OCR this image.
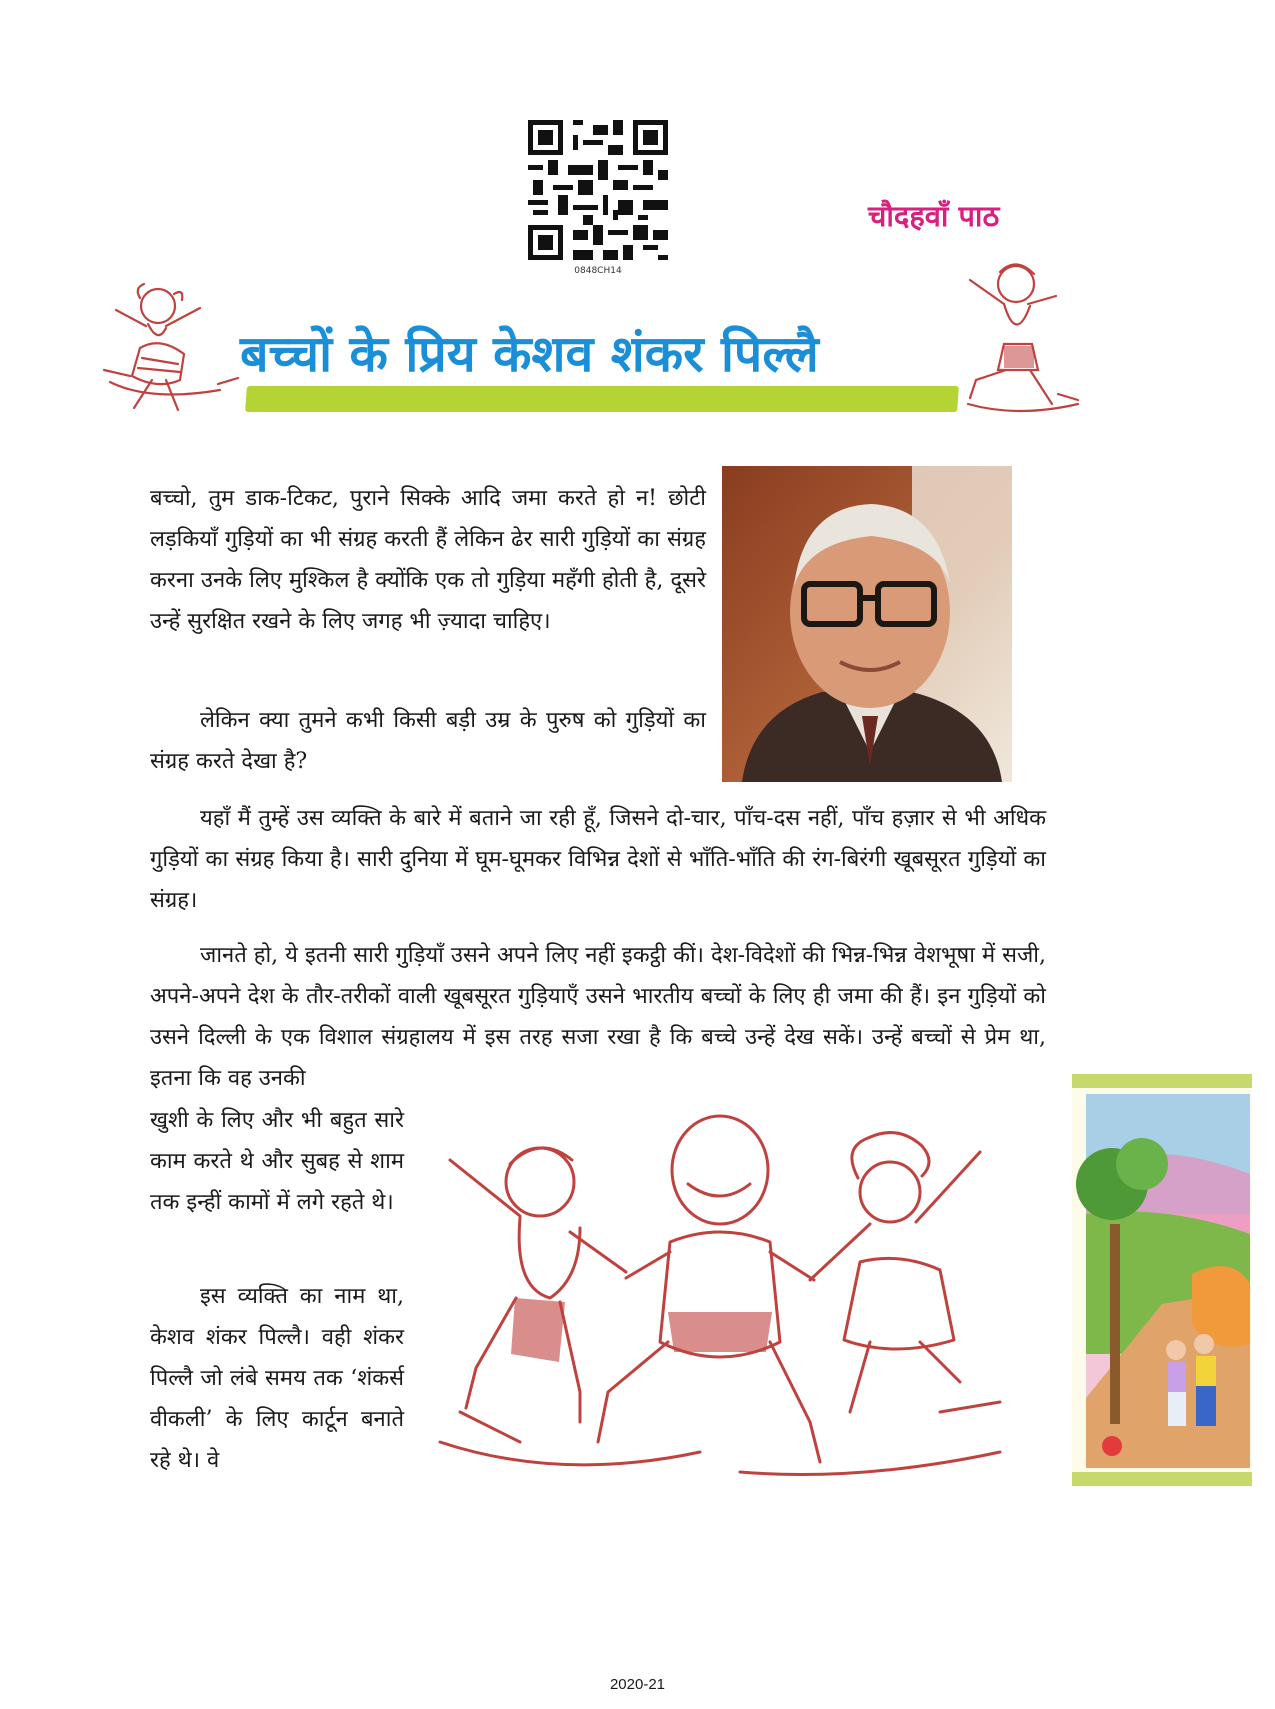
0848CH14
चौदहवाँ पाठ
बच्चों के प्रिय केशव शंकर पिल्लै

बच्चो, तुम डाक-टिकट, पुराने सिक्के आदि जमा करते हो न! छोटी लड़कियाँ गुड़ियों का भी संग्रह करती हैं लेकिन ढेर सारी गुड़ियों का संग्रह करना उनके लिए मुश्किल है क्योंकि एक तो गुड़िया महँगी होती है, दूसरे उन्हें सुरक्षित रखने के लिए जगह भी ज़्यादा चाहिए।

लेकिन क्या तुमने कभी किसी बड़ी उम्र के पुरुष को गुड़ियों का संग्रह करते देखा है?

यहाँ मैं तुम्हें उस व्यक्ति के बारे में बताने जा रही हूँ, जिसने दो-चार, पाँच-दस नहीं, पाँच हज़ार से भी अधिक गुड़ियों का संग्रह किया है। सारी दुनिया में घूम-घूमकर विभिन्न देशों से भाँति-भाँति की रंग-बिरंगी खूबसूरत गुड़ियों का संग्रह।

जानते हो, ये इतनी सारी गुड़ियाँ उसने अपने लिए नहीं इकट्ठी कीं। देश-विदेशों की भिन्न-भिन्न वेशभूषा में सजी, अपने-अपने देश के तौर-तरीकों वाली खूबसूरत गुड़ियाएँ उसने भारतीय बच्चों के लिए ही जमा की हैं। इन गुड़ियों को उसने दिल्ली के एक विशाल संग्रहालय में इस तरह सजा रखा है कि बच्चे उन्हें देख सकें। उन्हें बच्चों से प्रेम था, इतना कि वह उनकी

खुशी के लिए और भी बहुत सारे काम करते थे और सुबह से शाम तक इन्हीं कामों में लगे रहते थे।

इस व्यक्ति का नाम था, केशव शंकर पिल्लै। वही शंकर पिल्लै जो लंबे समय तक ‘शंकर्स वीकली’ के लिए कार्टून बनाते रहे थे। वे

2020-21
